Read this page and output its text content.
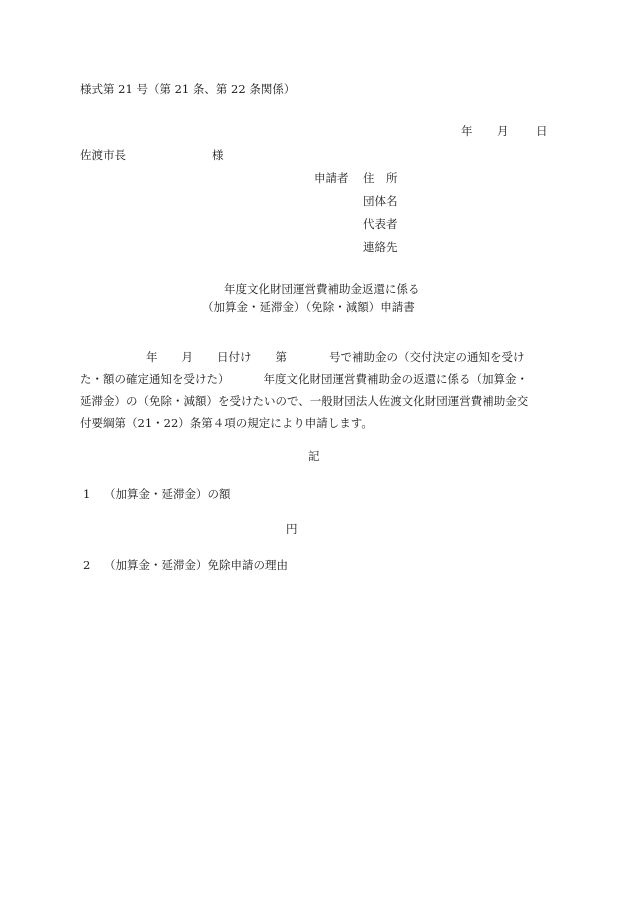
様式第 21 号（第 21 条、第 22 条関係）
年 月 日
佐渡市長	様
申請者 住　所
団体名
代表者
連絡先
年度文化財団運営費補助金返還に係る
（加算金・延滞金）（免除・減額）申請書
年 月 日付け 第	号で補助金の（交付決定の通知を受け
た・額の確定通知を受けた）	年度文化財団運営費補助金の返還に係る（加算金・
延滞金）の（免除・減額）を受けたいので、一般財団法人佐渡文化財団運営費補助金交
付要綱第（21・22）条第４項の規定により申請します。
記
1 （加算金・延滞金）の額
円
2 （加算金・延滞金）免除申請の理由
